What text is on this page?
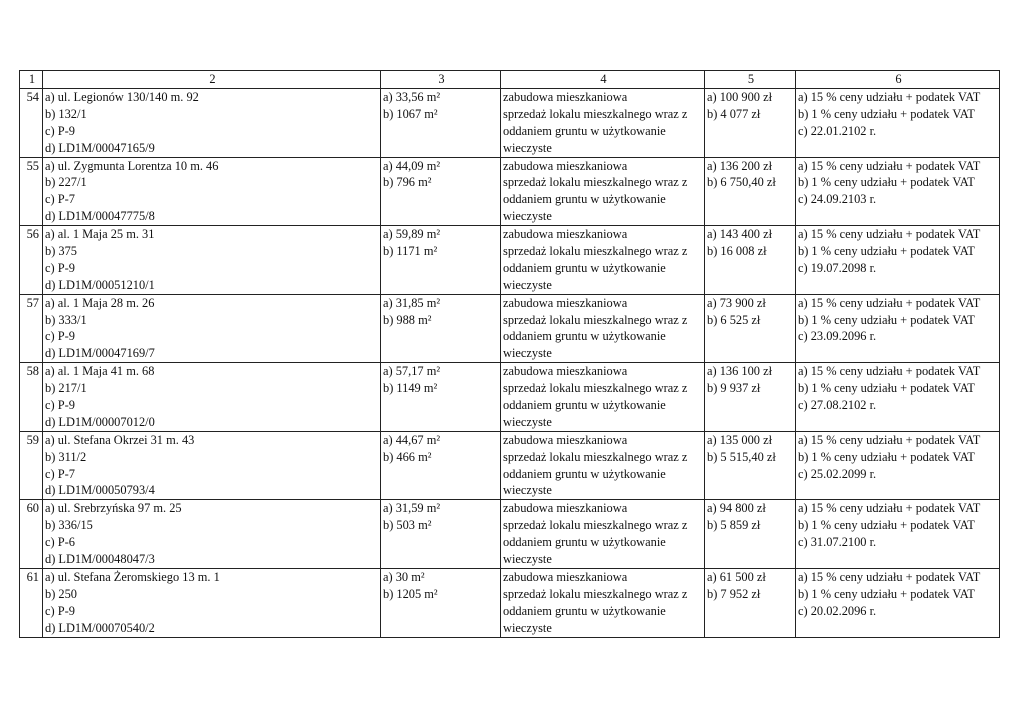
1	2	3	4	5	6
54	a) ul. Legionów 130/140 m. 92
b) 132/1
c) P-9
d) LD1M/00047165/9	a) 33,56 m²
b) 1067 m²	zabudowa mieszkaniowa
sprzedaż lokalu mieszkalnego wraz z
oddaniem gruntu w użytkowanie
wieczyste	a) 100 900 zł
b) 4 077 zł	a) 15 % ceny udziału + podatek VAT
b) 1 % ceny udziału + podatek VAT
c) 22.01.2102 r.

55	a) ul. Zygmunta Lorentza 10 m. 46
b) 227/1
c) P-7
d) LD1M/00047775/8	a) 44,09 m²
b) 796 m²	zabudowa mieszkaniowa
sprzedaż lokalu mieszkalnego wraz z
oddaniem gruntu w użytkowanie
wieczyste	a) 136 200 zł
b) 6 750,40 zł	a) 15 % ceny udziału + podatek VAT
b) 1 % ceny udziału + podatek VAT
c) 24.09.2103 r.

56	a) al. 1 Maja 25 m. 31
b) 375
c) P-9
d) LD1M/00051210/1	a) 59,89 m²
b) 1171 m²	zabudowa mieszkaniowa
sprzedaż lokalu mieszkalnego wraz z
oddaniem gruntu w użytkowanie
wieczyste	a) 143 400 zł
b) 16 008 zł	a) 15 % ceny udziału + podatek VAT
b) 1 % ceny udziału + podatek VAT
c) 19.07.2098 r.

57	a) al. 1 Maja 28 m. 26
b) 333/1
c) P-9
d) LD1M/00047169/7	a) 31,85 m²
b) 988 m²	zabudowa mieszkaniowa
sprzedaż lokalu mieszkalnego wraz z
oddaniem gruntu w użytkowanie
wieczyste	a) 73 900 zł
b) 6 525 zł	a) 15 % ceny udziału + podatek VAT
b) 1 % ceny udziału + podatek VAT
c) 23.09.2096 r.

58	a) al. 1 Maja 41 m. 68
b) 217/1
c) P-9
d) LD1M/00007012/0	a) 57,17 m²
b) 1149 m²	zabudowa mieszkaniowa
sprzedaż lokalu mieszkalnego wraz z
oddaniem gruntu w użytkowanie
wieczyste	a) 136 100 zł
b) 9 937 zł	a) 15 % ceny udziału + podatek VAT
b) 1 % ceny udziału + podatek VAT
c) 27.08.2102 r.

59	a) ul. Stefana Okrzei 31 m. 43
b) 311/2
c) P-7
d) LD1M/00050793/4	a) 44,67 m²
b) 466 m²	zabudowa mieszkaniowa
sprzedaż lokalu mieszkalnego wraz z
oddaniem gruntu w użytkowanie
wieczyste	a) 135 000 zł
b) 5 515,40 zł	a) 15 % ceny udziału + podatek VAT
b) 1 % ceny udziału + podatek VAT
c) 25.02.2099 r.

60	a) ul. Srebrzyńska 97 m. 25
b) 336/15
c) P-6
d) LD1M/00048047/3	a) 31,59 m²
b) 503 m²	zabudowa mieszkaniowa
sprzedaż lokalu mieszkalnego wraz z
oddaniem gruntu w użytkowanie
wieczyste	a) 94 800 zł
b) 5 859 zł	a) 15 % ceny udziału + podatek VAT
b) 1 % ceny udziału + podatek VAT
c) 31.07.2100 r.

61	a) ul. Stefana Żeromskiego 13 m. 1
b) 250
c) P-9
d) LD1M/00070540/2	a) 30 m²
b) 1205 m²	zabudowa mieszkaniowa
sprzedaż lokalu mieszkalnego wraz z
oddaniem gruntu w użytkowanie
wieczyste	a) 61 500 zł
b) 7 952 zł	a) 15 % ceny udziału + podatek VAT
b) 1 % ceny udziału + podatek VAT
c) 20.02.2096 r.
